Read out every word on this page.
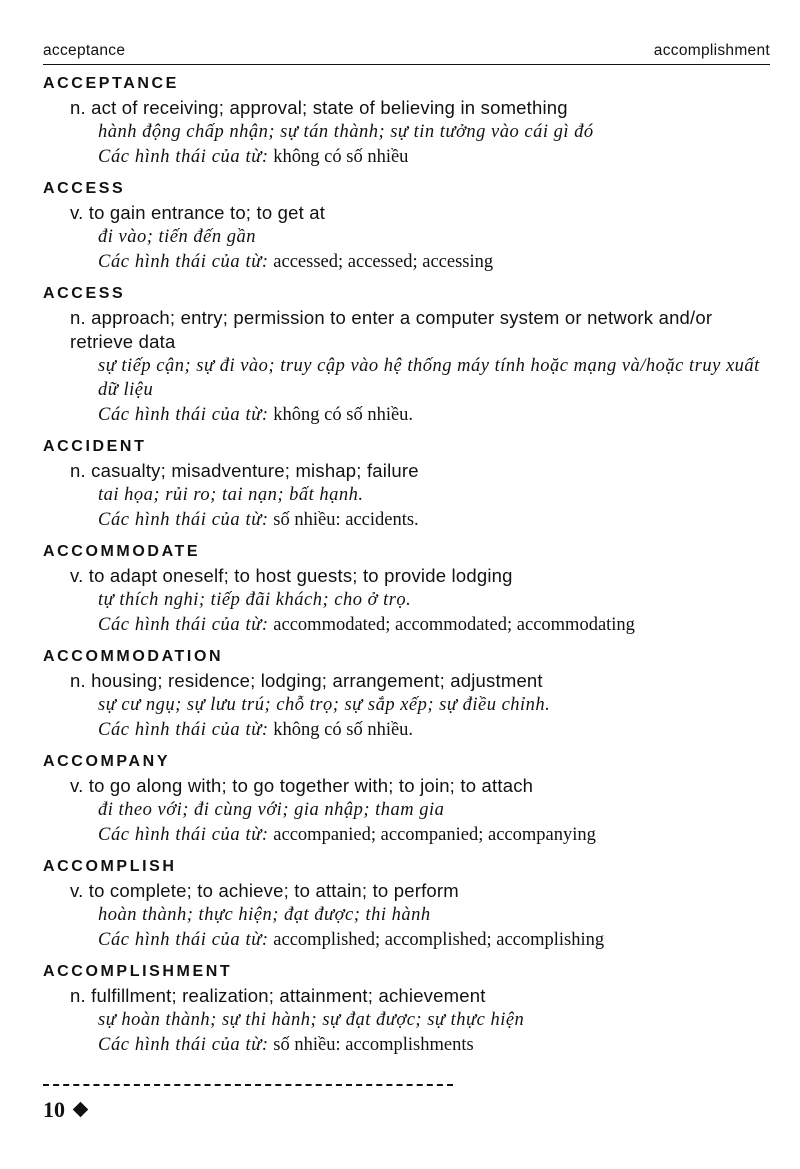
acceptance	accomplishment
ACCEPTANCE
n. act of receiving; approval; state of believing in something
hành động chấp nhận; sự tán thành; sự tin tưởng vào cái gì đó
Các hình thái của từ: không có số nhiều
ACCESS
v. to gain entrance to; to get at
đi vào; tiến đến gần
Các hình thái của từ: accessed; accessed; accessing
ACCESS
n. approach; entry; permission to enter a computer system or network and/or retrieve data
sự tiếp cận; sự đi vào; truy cập vào hệ thống máy tính hoặc mạng và/hoặc truy xuất dữ liệu
Các hình thái của từ: không có số nhiều.
ACCIDENT
n. casualty; misadventure; mishap; failure
tai họa; rủi ro; tai nạn; bất hạnh.
Các hình thái của từ: số nhiều: accidents.
ACCOMMODATE
v. to adapt oneself; to host guests; to provide lodging
tự thích nghi; tiếp đãi khách; cho ở trọ.
Các hình thái của từ: accommodated; accommodated; accommodating
ACCOMMODATION
n. housing; residence; lodging; arrangement; adjustment
sự cư ngụ; sự lưu trú; chỗ trọ; sự sắp xếp; sự điều chỉnh.
Các hình thái của từ: không có số nhiều.
ACCOMPANY
v. to go along with; to go together with; to join; to attach
đi theo với; đi cùng với; gia nhập; tham gia
Các hình thái của từ: accompanied; accompanied; accompanying
ACCOMPLISH
v. to complete; to achieve; to attain; to perform
hoàn thành; thực hiện; đạt được; thi hành
Các hình thái của từ: accomplished; accomplished; accomplishing
ACCOMPLISHMENT
n. fulfillment; realization; attainment; achievement
sự hoàn thành; sự thi hành; sự đạt được; sự thực hiện
Các hình thái của từ: số nhiều: accomplishments
10
